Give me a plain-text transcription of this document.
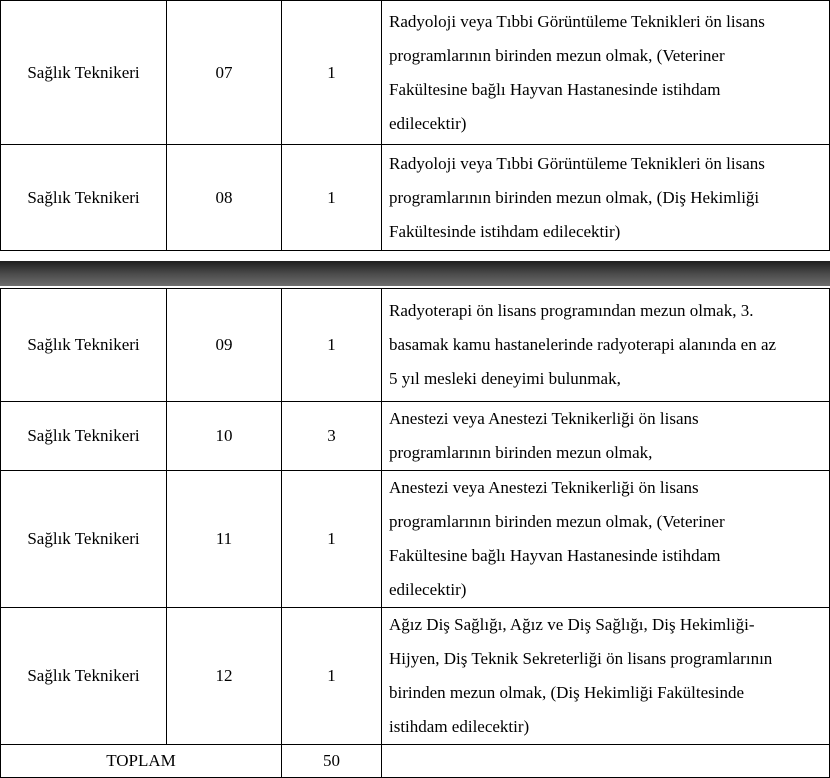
Sağlık Teknikeri	07	1	Radyoloji veya Tıbbi Görüntüleme Teknikleri ön lisans
programlarının birinden mezun olmak, (Veteriner
Fakültesine bağlı Hayvan Hastanesinde istihdam
edilecektir)

Sağlık Teknikeri	08	1	Radyoloji veya Tıbbi Görüntüleme Teknikleri ön lisans
programlarının birinden mezun olmak, (Diş Hekimliği
Fakültesinde istihdam edilecektir)
Sağlık Teknikeri	09	1	Radyoterapi ön lisans programından mezun olmak, 3.
basamak kamu hastanelerinde radyoterapi alanında en az
5 yıl mesleki deneyimi bulunmak,

Sağlık Teknikeri	10	3	Anestezi veya Anestezi Teknikerliği ön lisans
programlarının birinden mezun olmak,

Sağlık Teknikeri	11	1	Anestezi veya Anestezi Teknikerliği ön lisans
programlarının birinden mezun olmak, (Veteriner
Fakültesine bağlı Hayvan Hastanesinde istihdam
edilecektir)

Sağlık Teknikeri	12	1	Ağız Diş Sağlığı, Ağız ve Diş Sağlığı, Diş Hekimliği-
Hijyen, Diş Teknik Sekreterliği ön lisans programlarının
birinden mezun olmak, (Diş Hekimliği Fakültesinde
istihdam edilecektir)

TOPLAM		50	
